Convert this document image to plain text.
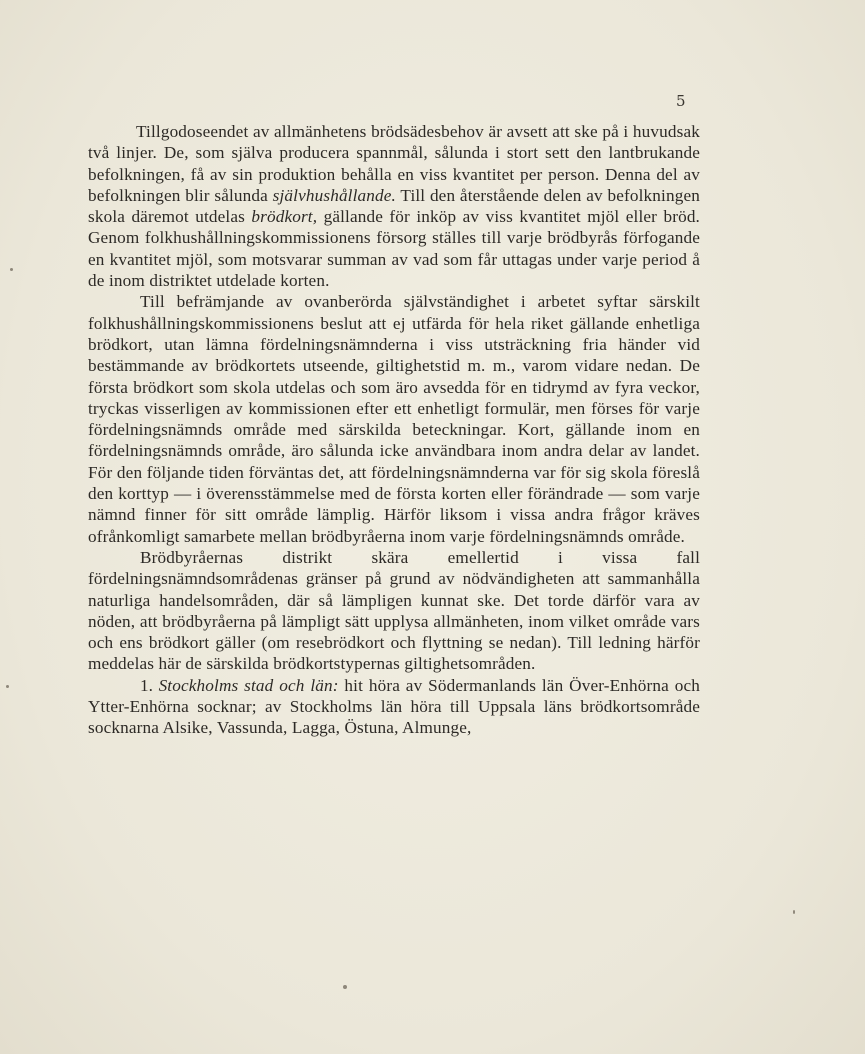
5

Tillgodoseendet av allmänhetens brödsädesbehov är avsett att ske på i huvudsak två linjer. De, som själva producera spannmål, sålunda i stort sett den lantbrukande befolkningen, få av sin produktion behålla en viss kvantitet per person. Denna del av befolkningen blir sålunda självhushållande. Till den återstående delen av befolkningen skola däremot utdelas brödkort, gällande för inköp av viss kvantitet mjöl eller bröd. Genom folkhushållningskommissionens försorg ställes till varje brödbyrås förfogande en kvantitet mjöl, som motsvarar summan av vad som får uttagas under varje period å de inom distriktet utdelade korten.

Till befrämjande av ovanberörda självständighet i arbetet syftar särskilt folkhushållningskommissionens beslut att ej utfärda för hela riket gällande enhetliga brödkort, utan lämna fördelningsnämnderna i viss utsträckning fria händer vid bestämmande av brödkortets utseende, giltighetstid m. m., varom vidare nedan. De första brödkort som skola utdelas och som äro avsedda för en tidrymd av fyra veckor, tryckas visserligen av kommissionen efter ett enhetligt formulär, men förses för varje fördelningsnämnds område med särskilda beteckningar. Kort, gällande inom en fördelningsnämnds område, äro sålunda icke användbara inom andra delar av landet. För den följande tiden förväntas det, att fördelningsnämnderna var för sig skola föreslå den korttyp — i överensstämmelse med de första korten eller förändrade — som varje nämnd finner för sitt område lämplig. Härför liksom i vissa andra frågor kräves ofrånkomligt samarbete mellan brödbyråerna inom varje fördelningsnämnds område.

Brödbyråernas distrikt skära emellertid i vissa fall fördelningsnämndsområdenas gränser på grund av nödvändigheten att sammanhålla naturliga handelsområden, där så lämpligen kunnat ske. Det torde därför vara av nöden, att brödbyråerna på lämpligt sätt upplysa allmänheten, inom vilket område vars och ens brödkort gäller (om resebrödkort och flyttning se nedan). Till ledning härför meddelas här de särskilda brödkortstypernas giltighetsområden.

1. Stockholms stad och län: hit höra av Södermanlands län Över-Enhörna och Ytter-Enhörna socknar; av Stockholms län höra till Uppsala läns brödkortsområde socknarna Alsike, Vassunda, Lagga, Östuna, Almunge,
